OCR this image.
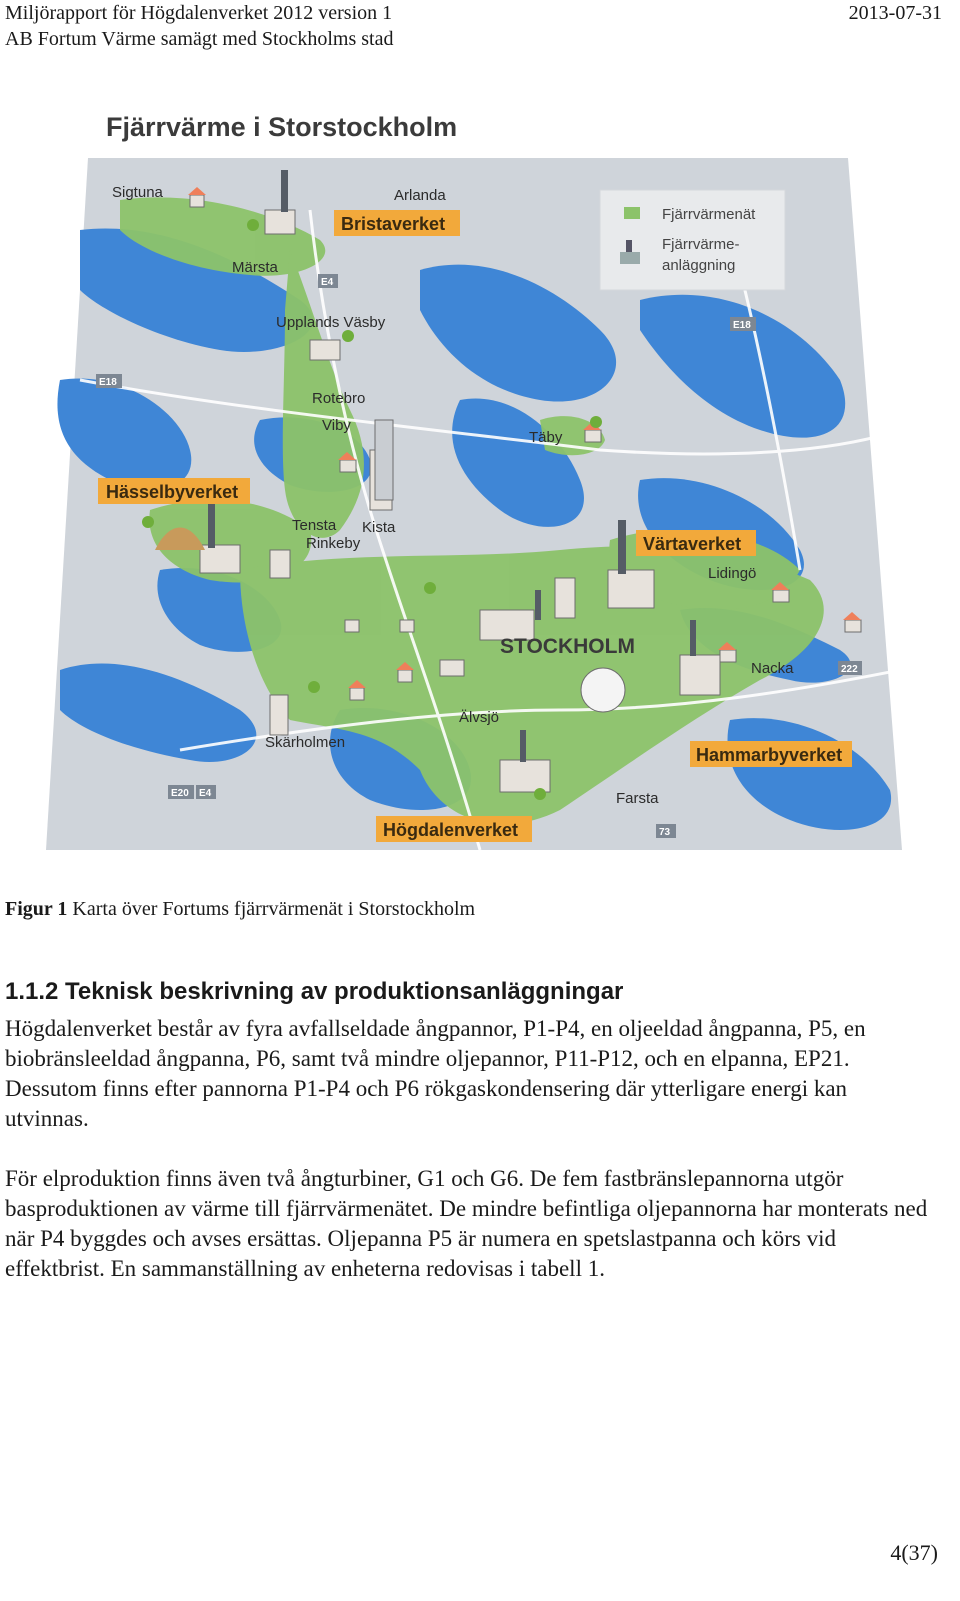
Miljörapport för Högdalenverket 2012 version 1
AB Fortum Värme samägt med Stockholms stad
2013-07-31
Fjärrvärme i Storstockholm
Fjärrvärmenät
Fjärrvärme-
anläggning
Sigtuna	Arlanda
Märsta
Upplands Väsby
Rotebro
Viby
Täby
Tensta
Rinkeby
Kista
Lidingö
STOCKHOLM
Nacka
Älvsjö
Skärholmen
Farsta
E4
E18
E18
E20 E4
222
73
Bristaverket
Hässelbyverket
Värtaverket
Hammarbyverket
Högdalenverket

Figur 1 Karta över Fortums fjärrvärmenät i Storstockholm

1.1.2 Teknisk beskrivning av produktionsanläggningar

Högdalenverket består av fyra avfallseldade ångpannor, P1-P4, en oljeeldad ångpanna, P5, en biobränsleeldad ångpanna, P6, samt två mindre oljepannor, P11-P12, och en elpanna, EP21. Dessutom finns efter pannorna P1-P4 och P6 rökgaskondensering där ytterligare energi kan utvinnas.

För elproduktion finns även två ångturbiner, G1 och G6. De fem fastbränslepannorna utgör basproduktionen av värme till fjärrvärmenätet. De mindre befintliga oljepannorna har monterats ned när P4 byggdes och avses ersättas. Oljepanna P5 är numera en spetslastpanna och körs vid effektbrist. En sammanställning av enheterna redovisas i tabell 1.

4(37)
